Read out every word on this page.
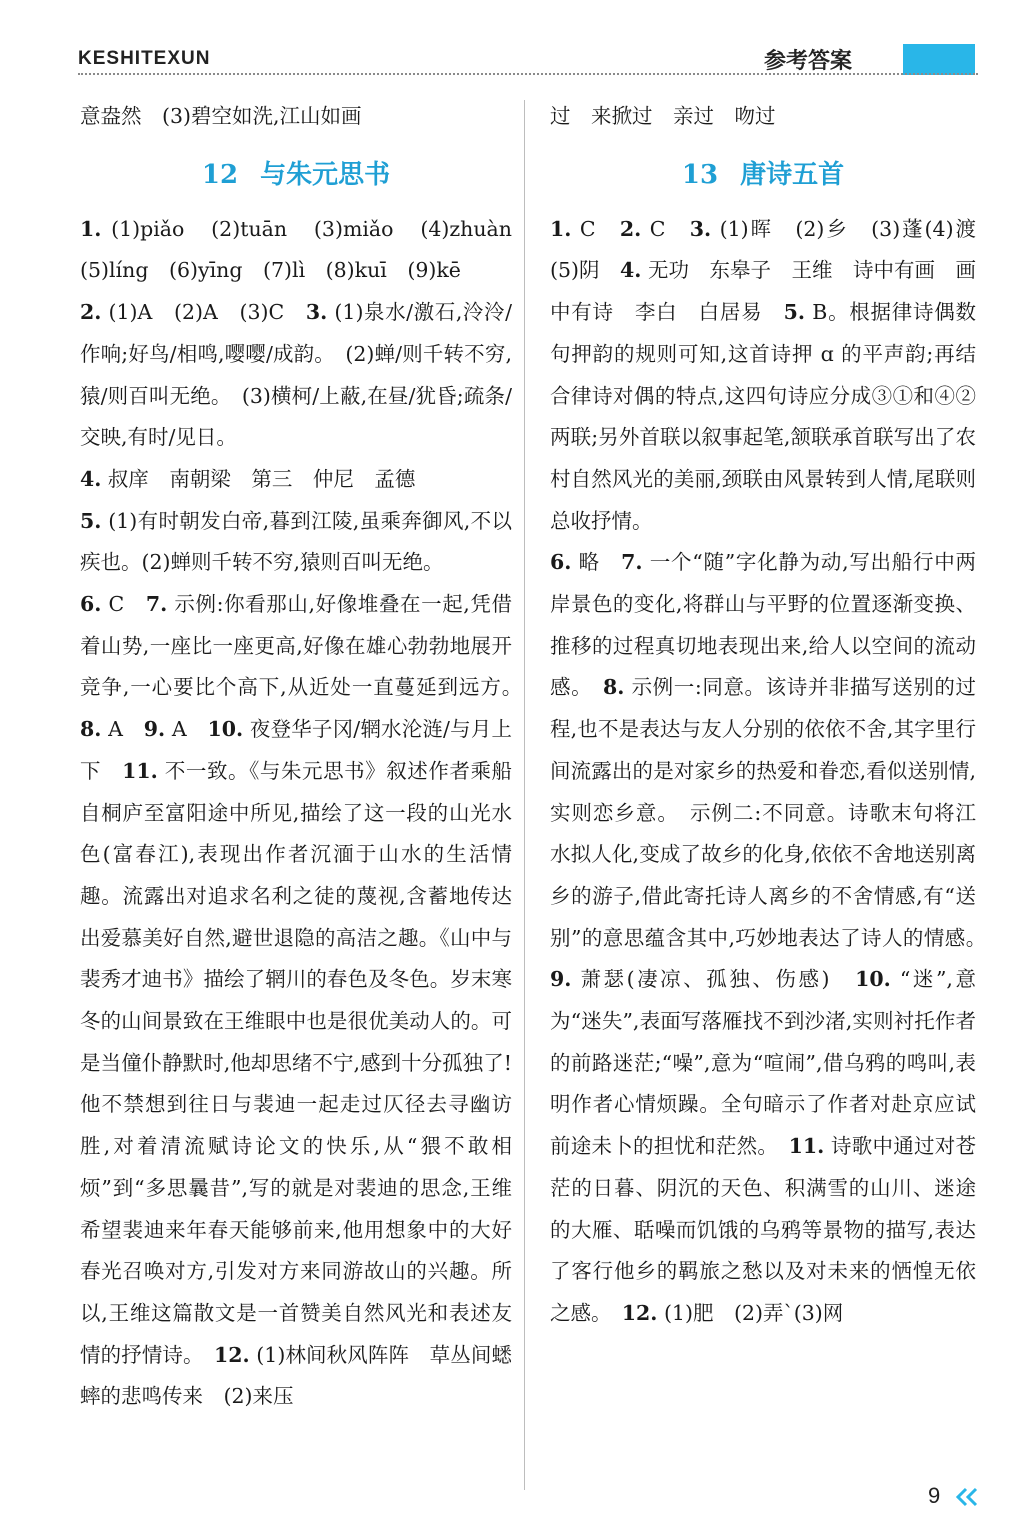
KESHITEXUN	参考答案

意盎然　(3)碧空如洗,江山如画

12 与朱元思书

1. (1)piǎo　(2)tuān　(3)miǎo　(4)zhuàn (5)líng　(6)yīng　(7)lì　(8)kuī　(9)kē

2. (1)A　(2)A　(3)C　3. (1)泉水/激石,泠泠/作响;好鸟/相鸣,嘤嘤/成韵。　(2)蝉/则千转不穷,猿/则百叫无绝。　(3)横柯/上蔽,在昼/犹昏;疏条/交映,有时/见日。

4. 叔庠　南朝梁　第三　仲尼　孟德

5. (1)有时朝发白帝,暮到江陵,虽乘奔御风,不以疾也。(2)蝉则千转不穷,猿则百叫无绝。

6. C　7. 示例:你看那山,好像堆叠在一起,凭借着山势,一座比一座更高,好像在雄心勃勃地展开竞争,一心要比个高下,从近处一直蔓延到远方。　8. A　9. A　10. 夜登华子冈/辋水沦涟/与月上下　11. 不一致。《与朱元思书》叙述作者乘船自桐庐至富阳途中所见,描绘了这一段的山光水色(富春江),表现出作者沉湎于山水的生活情趣。流露出对追求名利之徒的蔑视,含蓄地传达出爱慕美好自然,避世退隐的高洁之趣。《山中与裴秀才迪书》描绘了辋川的春色及冬色。岁末寒冬的山间景致在王维眼中也是很优美动人的。可是当僮仆静默时,他却思绪不宁,感到十分孤独了!他不禁想到往日与裴迪一起走过仄径去寻幽访胜,对着清流赋诗论文的快乐,从“猥不敢相烦”到“多思曩昔”,写的就是对裴迪的思念,王维希望裴迪来年春天能够前来,他用想象中的大好春光召唤对方,引发对方来同游故山的兴趣。所以,王维这篇散文是一首赞美自然风光和表述友情的抒情诗。　12. (1)林间秋风阵阵　草丛间蟋蟀的悲鸣传来　(2)来压

过　来掀过　亲过　吻过

13 唐诗五首

1. C　2. C　3. (1)晖　(2)乡　(3)蓬(4)渡　(5)阴　4. 无功　东皋子　王维　诗中有画　画中有诗　李白　白居易　5. B。根据律诗偶数句押韵的规则可知,这首诗押 ɑ 的平声韵;再结合律诗对偶的特点,这四句诗应分成③①和④②两联;另外首联以叙事起笔,颔联承首联写出了农村自然风光的美丽,颈联由风景转到人情,尾联则总收抒情。

6. 略　7. 一个“随”字化静为动,写出船行中两岸景色的变化,将群山与平野的位置逐渐变换、推移的过程真切地表现出来,给人以空间的流动感。　8. 示例一:同意。该诗并非描写送别的过程,也不是表达与友人分别的依依不舍,其字里行间流露出的是对家乡的热爱和眷恋,看似送别情,实则恋乡意。　示例二:不同意。诗歌末句将江水拟人化,变成了故乡的化身,依依不舍地送别离乡的游子,借此寄托诗人离乡的不舍情感,有“送别”的意思蕴含其中,巧妙地表达了诗人的情感。　9. 萧瑟(凄凉、孤独、伤感)　10. “迷”,意为“迷失”,表面写落雁找不到沙渚,实则衬托作者的前路迷茫;“噪”,意为“喧闹”,借乌鸦的鸣叫,表明作者心情烦躁。全句暗示了作者对赴京应试前途未卜的担忧和茫然。　11. 诗歌中通过对苍茫的日暮、阴沉的天色、积满雪的山川、迷途的大雁、聒噪而饥饿的乌鸦等景物的描写,表达了客行他乡的羁旅之愁以及对未来的恓惶无依之感。　12. (1)肥　(2)弄`(3)网

9
